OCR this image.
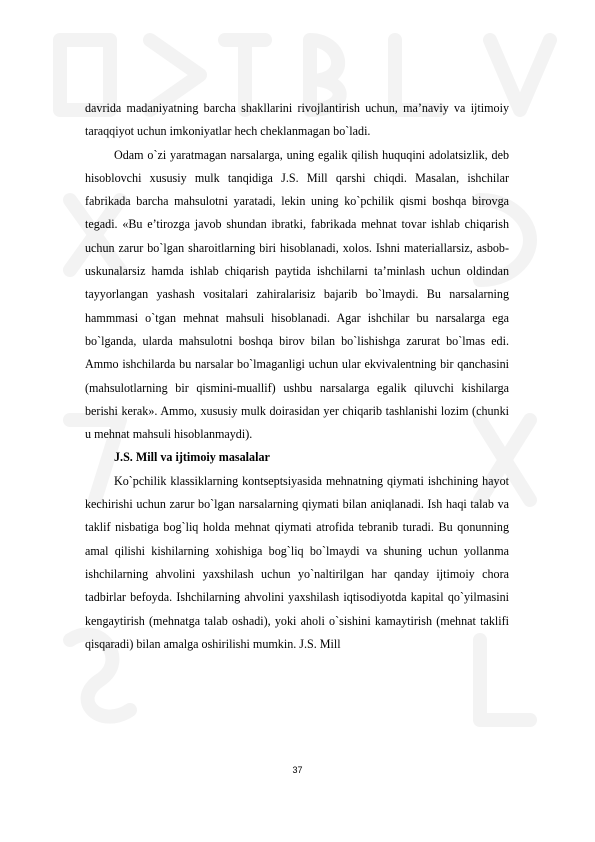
davrida madaniyatning barcha shakllarini rivojlantirish uchun, ma’naviy va ijtimoiy taraqqiyot uchun imkoniyatlar hech cheklanmagan bo`ladi.

Odam o`zi yaratmagan narsalarga, uning egalik qilish huquqini adolatsizlik, deb hisoblovchi xususiy mulk tanqidiga J.S. Mill qarshi chiqdi. Masalan, ishchilar fabrikada barcha mahsulotni yaratadi, lekin uning ko`pchilik qismi boshqa birovga tegadi. «Bu e’tirozga javob shundan ibratki, fabrikada mehnat tovar ishlab chiqarish uchun zarur bo`lgan sharoitlarning biri hisoblanadi, xolos. Ishni materiallarsiz, asbob-uskunalarsiz hamda ishlab chiqarish paytida ishchilarni ta’minlash uchun oldindan tayyorlangan yashash vositalari zahiralarisiz bajarib bo`lmaydi. Bu narsalarning hammmasi o`tgan mehnat mahsuli hisoblanadi. Agar ishchilar bu narsalarga ega bo`lganda, ularda mahsulotni boshqa birov bilan bo`lishishga zarurat bo`lmas edi. Ammo ishchilarda bu narsalar bo`lmaganligi uchun ular ekvivalentning bir qanchasini (mahsulotlarning bir qismini-muallif) ushbu narsalarga egalik qiluvchi kishilarga berishi kerak». Ammo, xususiy mulk doirasidan yer chiqarib tashlanishi lozim (chunki u mehnat mahsuli hisoblanmaydi).

J.S. Mill va ijtimoiy masalalar

Ko`pchilik klassiklarning kontseptsiyasida mehnatning qiymati ishchining hayot kechirishi uchun zarur bo`lgan narsalarning qiymati bilan aniqlanadi. Ish haqi talab va taklif nisbatiga bog`liq holda mehnat qiymati atrofida tebranib turadi. Bu qonunning amal qilishi kishilarning xohishiga bog`liq bo`lmaydi va shuning uchun yollanma ishchilarning ahvolini yaxshilash uchun yo`naltirilgan har qanday ijtimoiy chora tadbirlar befoyda. Ishchilarning ahvolini yaxshilash iqtisodiyotda kapital qo`yilmasini kengaytirish (mehnatga talab oshadi), yoki aholi o`sishini kamaytirish (mehnat taklifi qisqaradi) bilan amalga oshirilishi mumkin. J.S. Mill

37
